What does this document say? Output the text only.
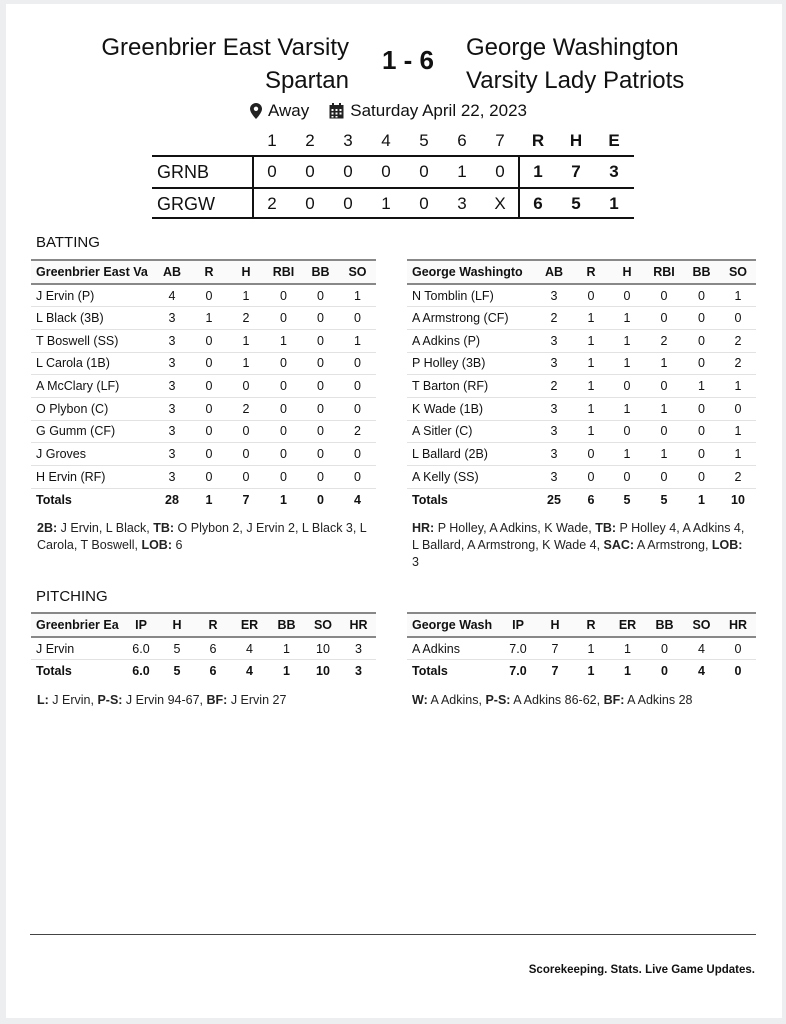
Greenbrier East Varsity
Spartan
1 - 6	George Washington
Varsity Lady Patriots
Away Saturday April 22, 2023
1	2	3	4	5	6	7	R	H	E
GRNB	0	0	0	0	0	1	0	1	7	3
GRGW	2	0	0	1	0	3	X	6	5	1
BATTING
Greenbrier East Va	AB	R	H	RBI	BB	SO
J Ervin (P)	4	0	1	0	0	1
L Black (3B)	3	1	2	0	0	0
T Boswell (SS)	3	0	1	1	0	1
L Carola (1B)	3	0	1	0	0	0
A McClary (LF)	3	0	0	0	0	0
O Plybon (C)	3	0	2	0	0	0
G Gumm (CF)	3	0	0	0	0	2
J Groves	3	0	0	0	0	0
H Ervin (RF)	3	0	0	0	0	0
Totals	28	1	7	1	0	4
George Washingto	AB	R	H	RBI	BB	SO
N Tomblin (LF)	3	0	0	0	0	1
A Armstrong (CF)	2	1	1	0	0	0
A Adkins (P)	3	1	1	2	0	2
P Holley (3B)	3	1	1	1	0	2
T Barton (RF)	2	1	0	0	1	1
K Wade (1B)	3	1	1	1	0	0
A Sitler (C)	3	1	0	0	0	1
L Ballard (2B)	3	0	1	1	0	1
A Kelly (SS)	3	0	0	0	0	2
Totals	25	6	5	5	1	10
2B: J Ervin, L Black, TB: O Plybon 2, J Ervin 2, L Black 3, L Carola, T Boswell, LOB: 6
HR: P Holley, A Adkins, K Wade, TB: P Holley 4, A Adkins 4, L Ballard, A Armstrong, K Wade 4, SAC: A Armstrong, LOB: 3
PITCHING
Greenbrier Ea	IP	H	R	ER	BB	SO	HR
J Ervin	6.0	5	6	4	1	10	3
Totals	6.0	5	6	4	1	10	3
George Wash	IP	H	R	ER	BB	SO	HR
A Adkins	7.0	7	1	1	0	4	0
Totals	7.0	7	1	1	0	4	0
L: J Ervin, P-S: J Ervin 94-67, BF: J Ervin 27	W: A Adkins, P-S: A Adkins 86-62, BF: A Adkins 28
Scorekeeping. Stats. Live Game Updates.
